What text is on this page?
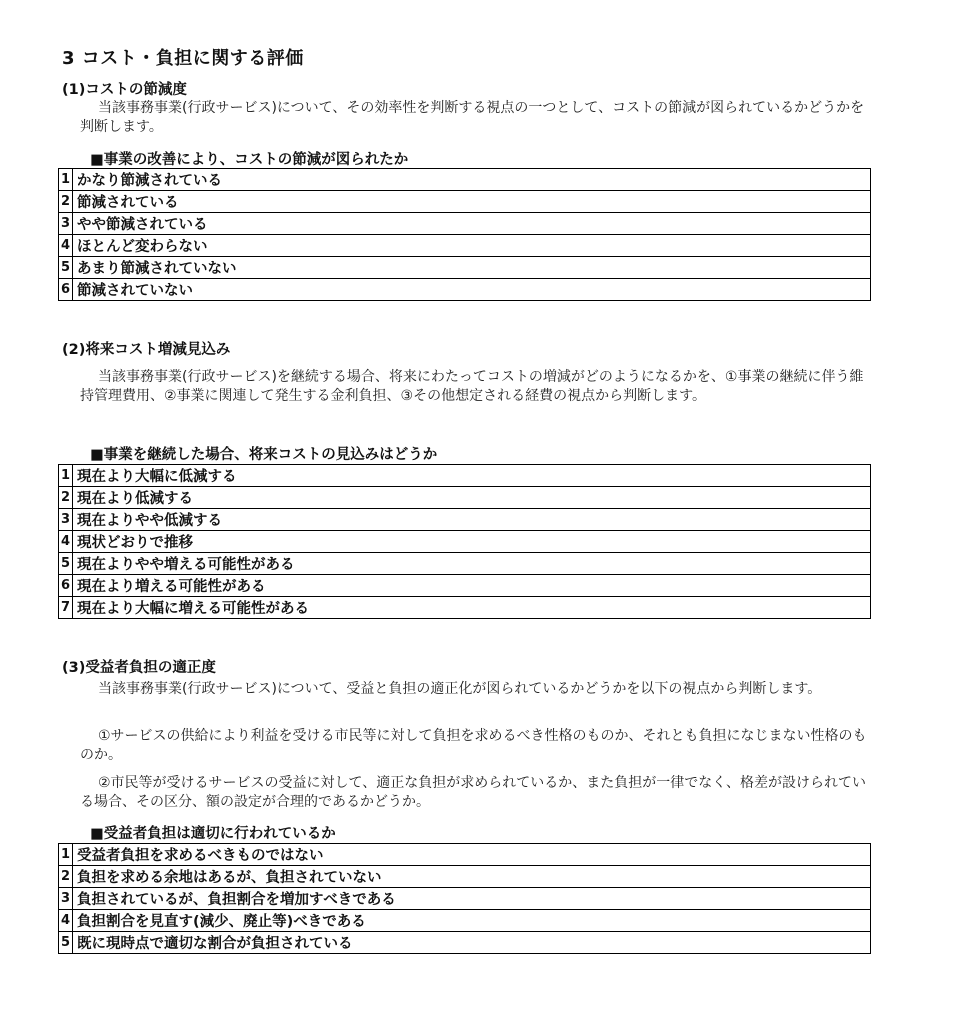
3 コスト・負担に関する評価
(1)コストの節減度
当該事務事業(行政サービス)について、その効率性を判断する視点の一つとして、コストの節減が図られているかどうかを判断します。
■事業の改善により、コストの節減が図られたか
1	かなり節減されている
2	節減されている
3	やや節減されている
4	ほとんど変わらない
5	あまり節減されていない
6	節減されていない
(2)将来コスト増減見込み
当該事務事業(行政サービス)を継続する場合、将来にわたってコストの増減がどのようになるかを、①事業の継続に伴う維持管理費用、②事業に関連して発生する金利負担、③その他想定される経費の視点から判断します。
■事業を継続した場合、将来コストの見込みはどうか
1	現在より大幅に低減する
2	現在より低減する
3	現在よりやや低減する
4	現状どおりで推移
5	現在よりやや増える可能性がある
6	現在より増える可能性がある
7	現在より大幅に増える可能性がある
(3)受益者負担の適正度
当該事務事業(行政サービス)について、受益と負担の適正化が図られているかどうかを以下の視点から判断します。
①サービスの供給により利益を受ける市民等に対して負担を求めるべき性格のものか、それとも負担になじまない性格のものか。
②市民等が受けるサービスの受益に対して、適正な負担が求められているか、また負担が一律でなく、格差が設けられている場合、その区分、額の設定が合理的であるかどうか。
■受益者負担は適切に行われているか
1	受益者負担を求めるべきものではない
2	負担を求める余地はあるが、負担されていない
3	負担されているが、負担割合を増加すべきである
4	負担割合を見直す(減少、廃止等)べきである
5	既に現時点で適切な割合が負担されている
